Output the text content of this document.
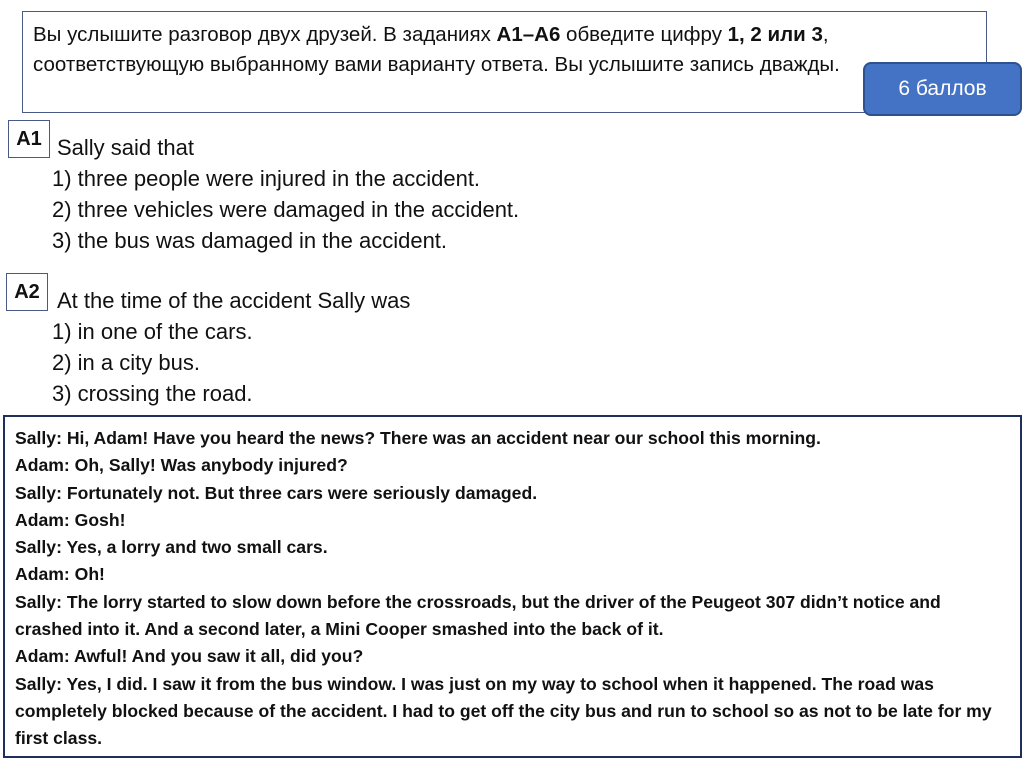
Вы услышите разговор двух друзей. В заданиях А1–А6 обведите цифру 1, 2 или 3, соответствующую выбранному вами варианту ответа. Вы услышите запись дважды.
6 баллов
А1 Sally said that
1) three people were injured in the accident.
2) three vehicles were damaged in the accident.
3) the bus was damaged in the accident.
А2 At the time of the accident Sally was
1) in one of the cars.
2) in a city bus.
3) crossing the road.

Sally: Hi, Adam! Have you heard the news? There was an accident near our school this morning.

Adam: Oh, Sally! Was anybody injured?

Sally: Fortunately not. But three cars were seriously damaged.

Adam: Gosh!

Sally: Yes, a lorry and two small cars.

Adam: Oh!

Sally: The lorry started to slow down before the crossroads, but the driver of the Peugeot 307 didn’t notice and crashed into it. And a second later, a Mini Cooper smashed into the back of it.

Adam: Awful! And you saw it all, did you?

Sally: Yes, I did. I saw it from the bus window. I was just on my way to school when it happened. The road was completely blocked because of the accident. I had to get off the city bus and run to school so as not to be late for my first class.
